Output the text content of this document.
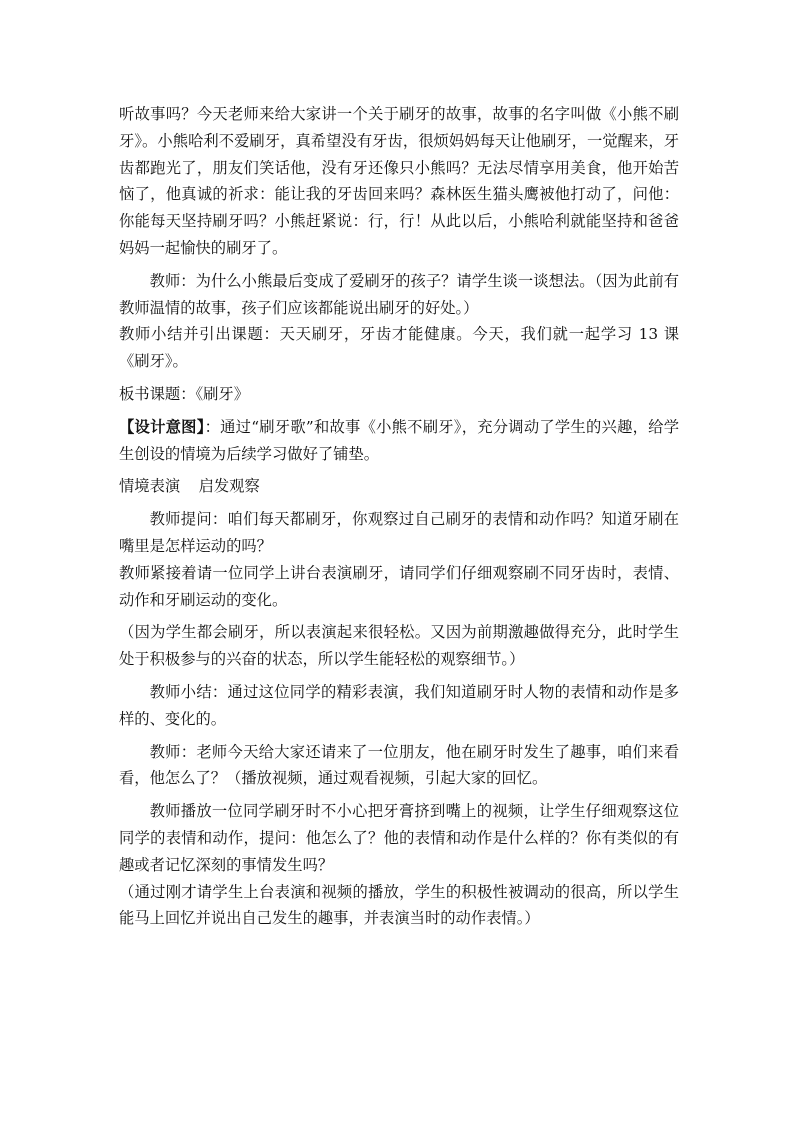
听故事吗？今天老师来给大家讲一个关于刷牙的故事，故事的名字叫做《小熊不刷牙》。小熊哈利不爱刷牙，真希望没有牙齿，很烦妈妈每天让他刷牙，一觉醒来，牙齿都跑光了，朋友们笑话他，没有牙还像只小熊吗？无法尽情享用美食，他开始苦恼了，他真诚的祈求：能让我的牙齿回来吗？森林医生猫头鹰被他打动了，问他：你能每天坚持刷牙吗？小熊赶紧说：行，行！从此以后，小熊哈利就能坚持和爸爸妈妈一起愉快的刷牙了。

教师：为什么小熊最后变成了爱刷牙的孩子？请学生谈一谈想法。（因为此前有教师温情的故事，孩子们应该都能说出刷牙的好处。）

教师小结并引出课题：天天刷牙，牙齿才能健康。今天，我们就一起学习 13 课《刷牙》。

板书课题：《刷牙》

【设计意图】：通过“刷牙歌”和故事《小熊不刷牙》，充分调动了学生的兴趣，给学生创设的情境为后续学习做好了铺垫。

情境表演 启发观察

教师提问：咱们每天都刷牙，你观察过自己刷牙的表情和动作吗？知道牙刷在嘴里是怎样运动的吗？

教师紧接着请一位同学上讲台表演刷牙，请同学们仔细观察刷不同牙齿时，表情、动作和牙刷运动的变化。

（因为学生都会刷牙，所以表演起来很轻松。又因为前期激趣做得充分，此时学生处于积极参与的兴奋的状态，所以学生能轻松的观察细节。）

教师小结：通过这位同学的精彩表演，我们知道刷牙时人物的表情和动作是多样的、变化的。

教师：老师今天给大家还请来了一位朋友，他在刷牙时发生了趣事，咱们来看看，他怎么了？（播放视频，通过观看视频，引起大家的回忆。

教师播放一位同学刷牙时不小心把牙膏挤到嘴上的视频，让学生仔细观察这位同学的表情和动作，提问：他怎么了？他的表情和动作是什么样的？你有类似的有趣或者记忆深刻的事情发生吗？

（通过刚才请学生上台表演和视频的播放，学生的积极性被调动的很高，所以学生能马上回忆并说出自己发生的趣事，并表演当时的动作表情。）
